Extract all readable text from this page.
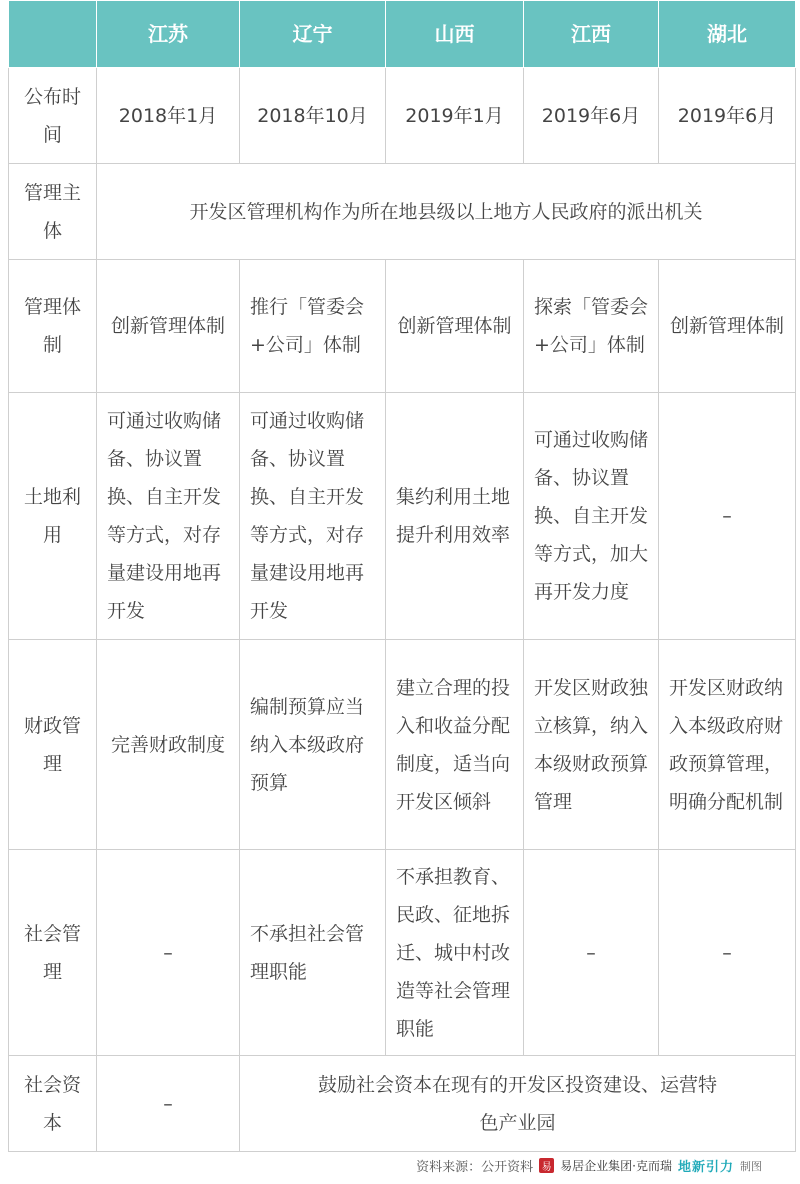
	江苏	辽宁	山西	江西	湖北
公布时间	2018年1月	2018年10月	2019年1月	2019年6月	2019年6月
管理主体	开发区管理机构作为所在地县级以上地方人民政府的派出机关				
管理体制	创新管理体制	推行「管委会+公司」体制	创新管理体制	探索「管委会+公司」体制	创新管理体制
土地利用	可通过收购储备、协议置换、自主开发等方式，对存量建设用地再开发	可通过收购储备、协议置换、自主开发等方式，对存量建设用地再开发	集约利用土地提升利用效率	可通过收购储备、协议置换、自主开发等方式，加大再开发力度	–
财政管理	完善财政制度	编制预算应当纳入本级政府预算	建立合理的投入和收益分配制度，适当向开发区倾斜	开发区财政独立核算，纳入本级财政预算管理	开发区财政纳入本级政府财政预算管理，明确分配机制
社会管理	–	不承担社会管理职能	不承担教育、民政、征地拆迁、城中村改造等社会管理职能	–	–
社会资本	–	鼓励社会资本在现有的开发区投资建设、运营特色产业园			
资料来源：公开资料 易 易居企业集团·克而瑞 地新引力 制图
